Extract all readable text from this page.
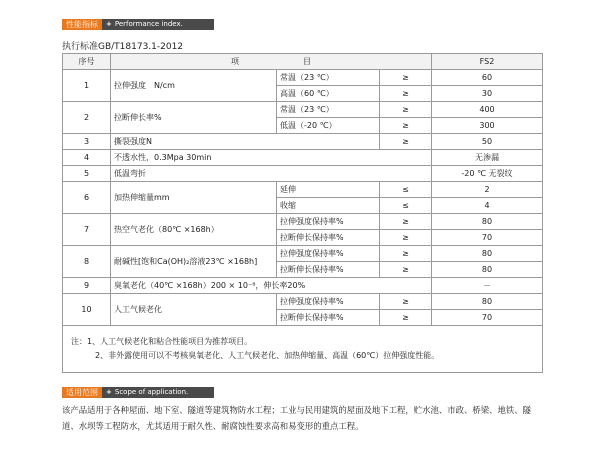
性能指标	+ Performance index.
执行标准GB/T18173.1-2012
序号	项　　　　　　　　目			FS2
1	拉伸强度　N/cm	常温（23 ℃）	≥	60
		高温（60 ℃）	≥	30
2	拉断伸长率%	常温（23 ℃）	≥	400
		低温（-20 ℃）	≥	300
3	撕裂强度N		≥	50
4	不透水性，0.3Mpa 30min			无渗漏
5	低温弯折			-20 ℃ 无裂纹
6	加热伸缩量mm	延伸	≤	2
		收缩	≤	4
7	热空气老化（80℃ ×168h）	拉伸强度保持率%	≥	80
		拉断伸长保持率%	≥	70
8	耐碱性[饱和Ca(OH)₂溶液23℃ ×168h]	拉伸强度保持率%	≥	80
		拉断伸长保持率%	≥	80
9	臭氧老化（40℃ ×168h）200 × 10⁻⁸，伸长率20%			－
10	人工气候老化	拉伸强度保持率%	≥	80
		拉断伸长保持率%	≥	70

注：1、人工气候老化和粘合性能项目为推荐项目。
2、非外露使用可以不考核臭氧老化、人工气候老化、加热伸缩量、高温（60℃）拉伸强度性能。				
适用范围	+ Scope of application.
该产品适用于各种屋面、地下室、隧道等建筑物防水工程；工业与民用建筑的屋面及地下工程，贮水池、市政、桥梁、地铁、隧道、水坝等工程防水，尤其适用于耐久性、耐腐蚀性要求高和易变形的重点工程。
